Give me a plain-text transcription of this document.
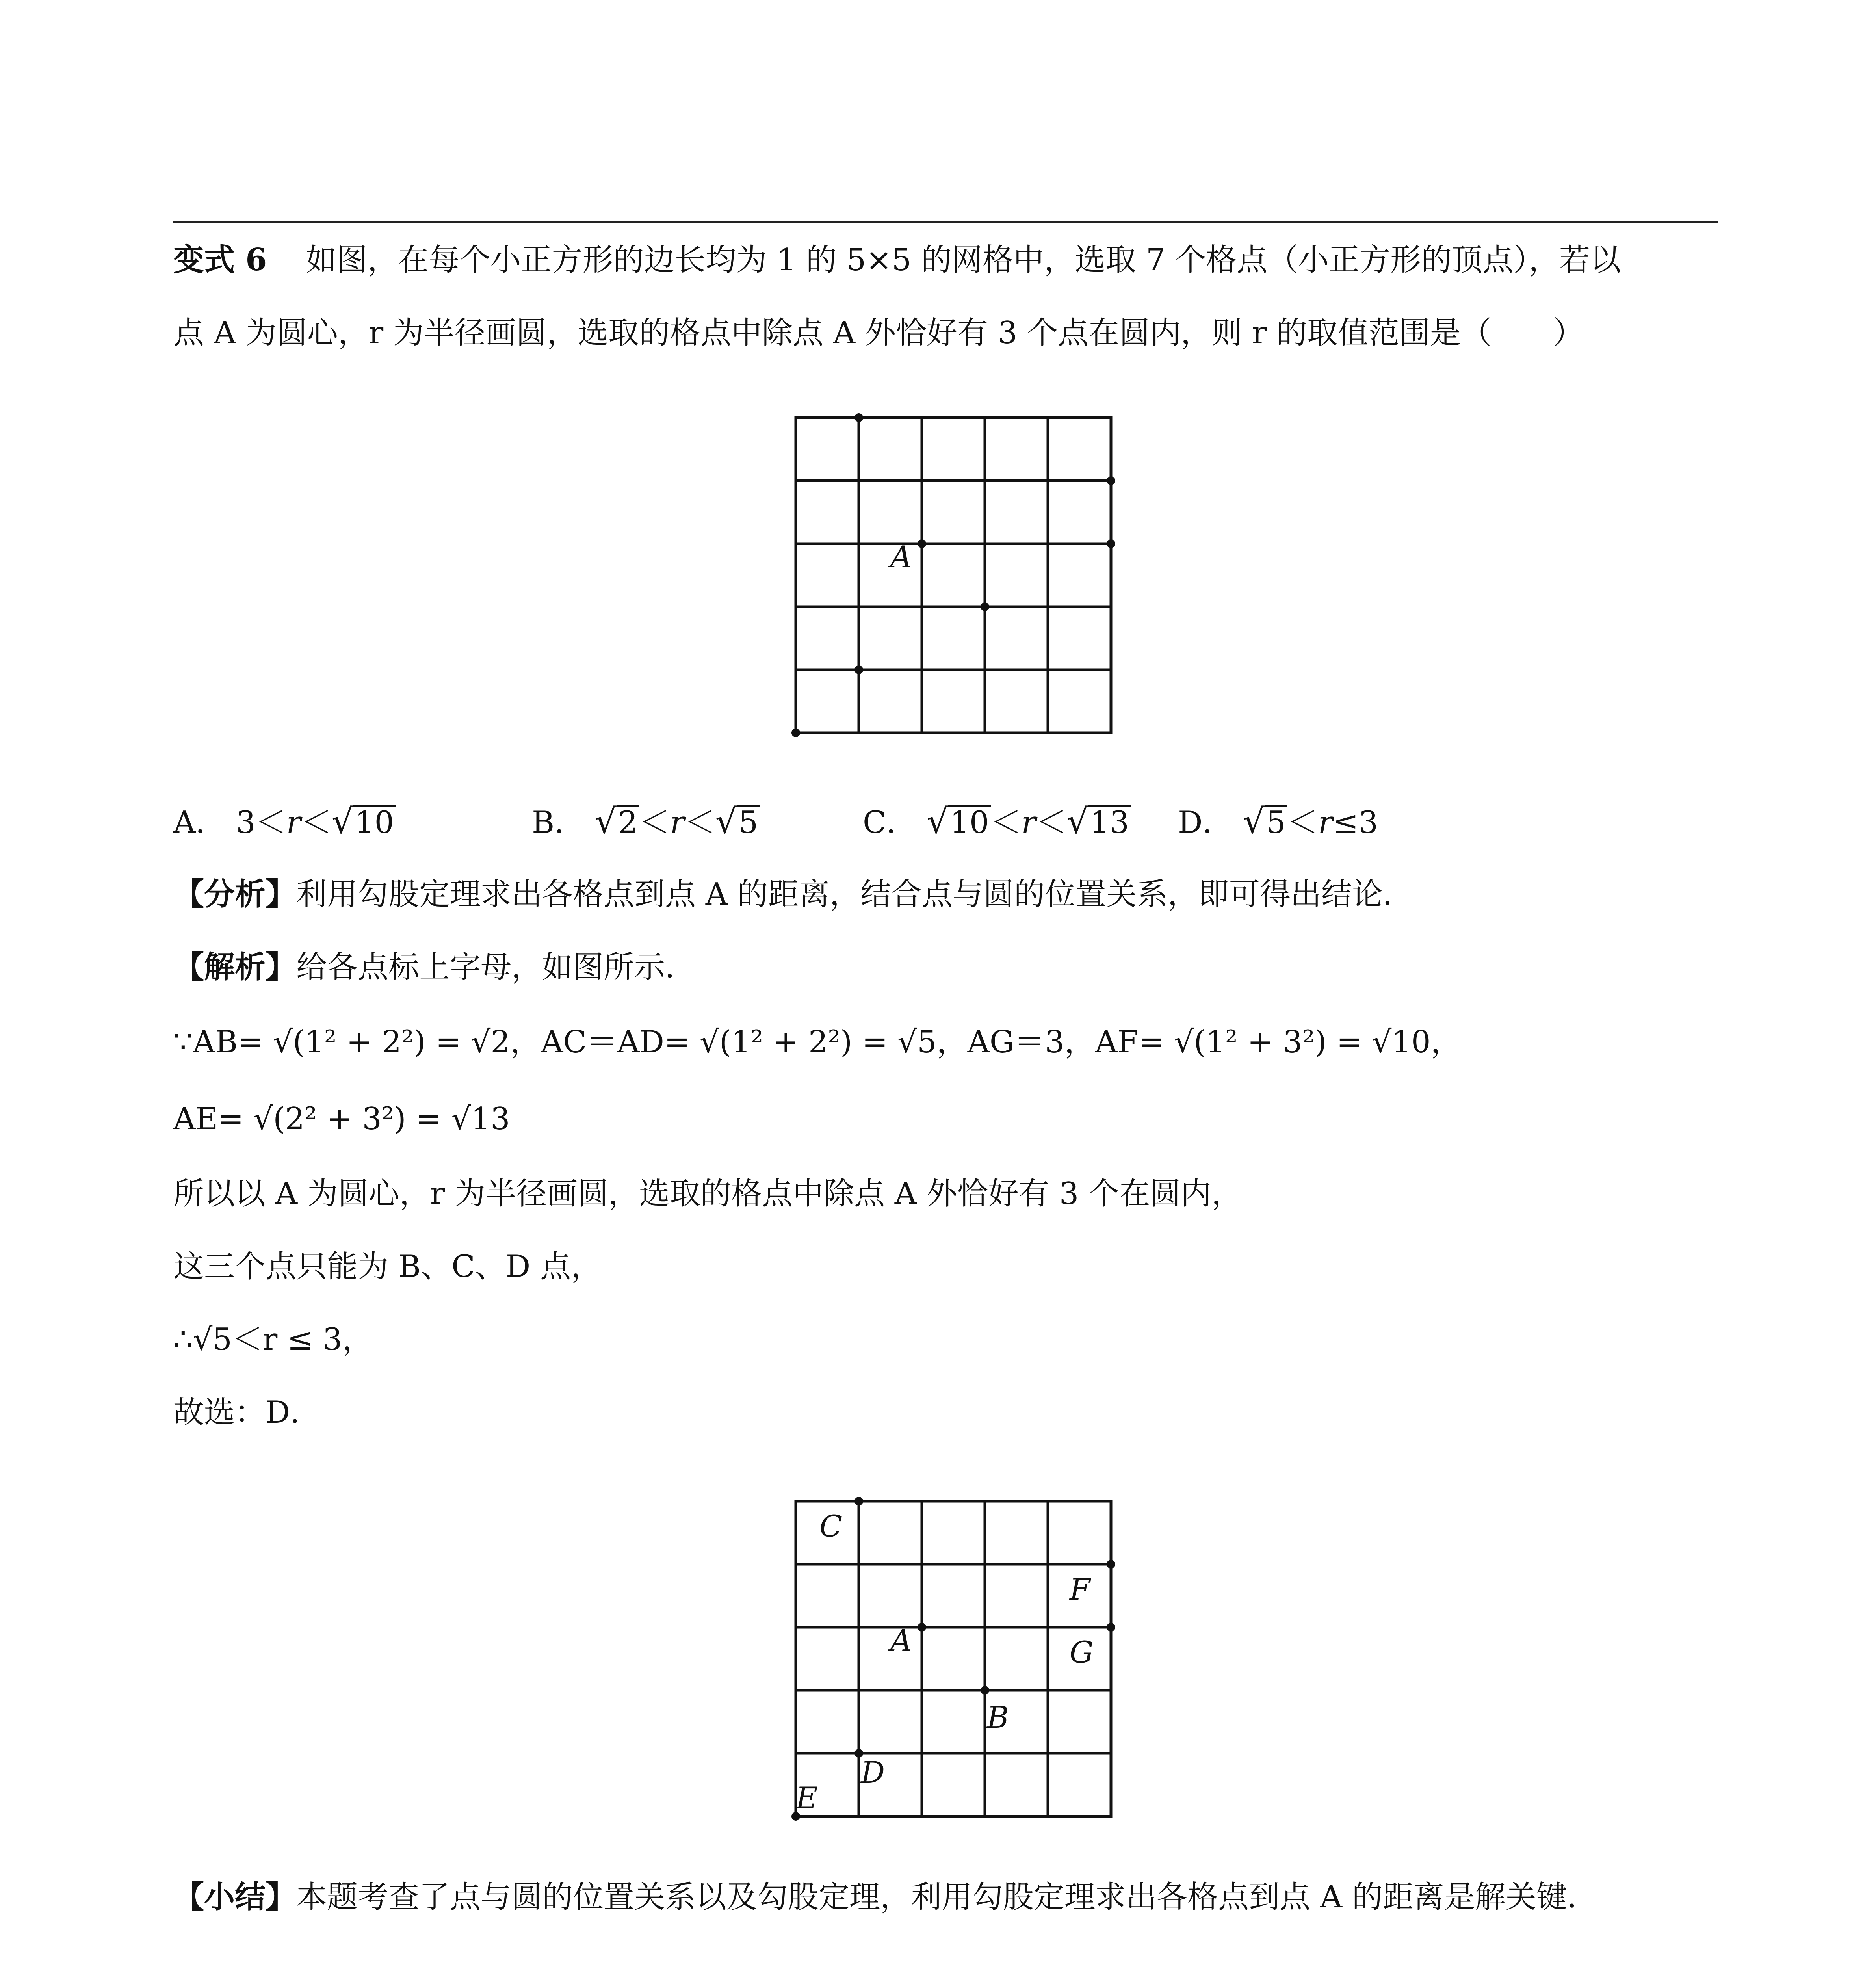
变式 6 如图，在每个小正方形的边长均为 1 的 5×5 的网格中，选取 7 个格点（小正方形的顶点），若以
点 A 为圆心，r 为半径画圆，选取的格点中除点 A 外恰好有 3 个点在圆内，则 r 的取值范围是（　　）
A
A． 3＜r＜√10	B． √2＜r＜√5	C． √10＜r＜√13 D． √5＜r≤3
【分析】利用勾股定理求出各格点到点 A 的距离，结合点与圆的位置关系，即可得出结论．
【解析】给各点标上字母，如图所示．
∵AB= √(1² + 2²) = √2，AC＝AD= √(1² + 2²) = √5，AG＝3，AF= √(1² + 3²) = √10，
AE= √(2² + 3²) = √13
所以以 A 为圆心，r 为半径画圆，选取的格点中除点 A 外恰好有 3 个在圆内，
这三个点只能为 B、C、D 点，
∴√5＜r ≤ 3，
故选：D．
C
F
A	G
B
D
E
【小结】本题考查了点与圆的位置关系以及勾股定理，利用勾股定理求出各格点到点 A 的距离是解关键．
